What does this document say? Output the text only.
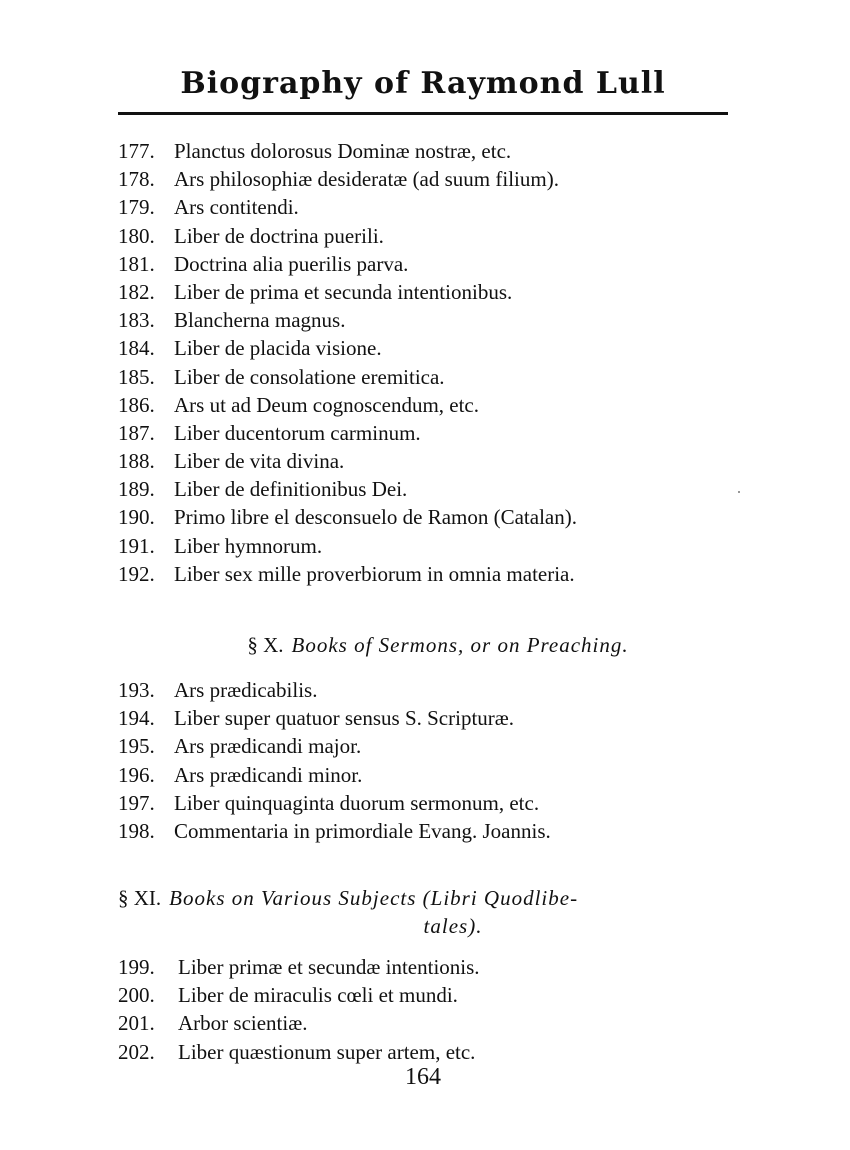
Biography of Raymond Lull
177. Planctus dolorosus Dominæ nostræ, etc.
178. Ars philosophiæ desideratæ (ad suum filium).
179. Ars contitendi.
180. Liber de doctrina puerili.
181. Doctrina alia puerilis parva.
182. Liber de prima et secunda intentionibus.
183. Blancherna magnus.
184. Liber de placida visione.
185. Liber de consolatione eremitica.
186. Ars ut ad Deum cognoscendum, etc.
187. Liber ducentorum carminum.
188. Liber de vita divina.
189. Liber de definitionibus Dei.
190. Primo libre el desconsuelo de Ramon (Catalan).
191. Liber hymnorum.
192. Liber sex mille proverbiorum in omnia materia.
§ X. Books of Sermons, or on Preaching.
193. Ars prædicabilis.
194. Liber super quatuor sensus S. Scripturæ.
195. Ars prædicandi major.
196. Ars prædicandi minor.
197. Liber quinquaginta duorum sermonum, etc.
198. Commentaria in primordiale Evang. Joannis.
§ XI. Books on Various Subjects (Libri Quodlibe-
tales).
199. Liber primæ et secundæ intentionis.
200. Liber de miraculis cœli et mundi.
201. Arbor scientiæ.
202. Liber quæstionum super artem, etc.
164
